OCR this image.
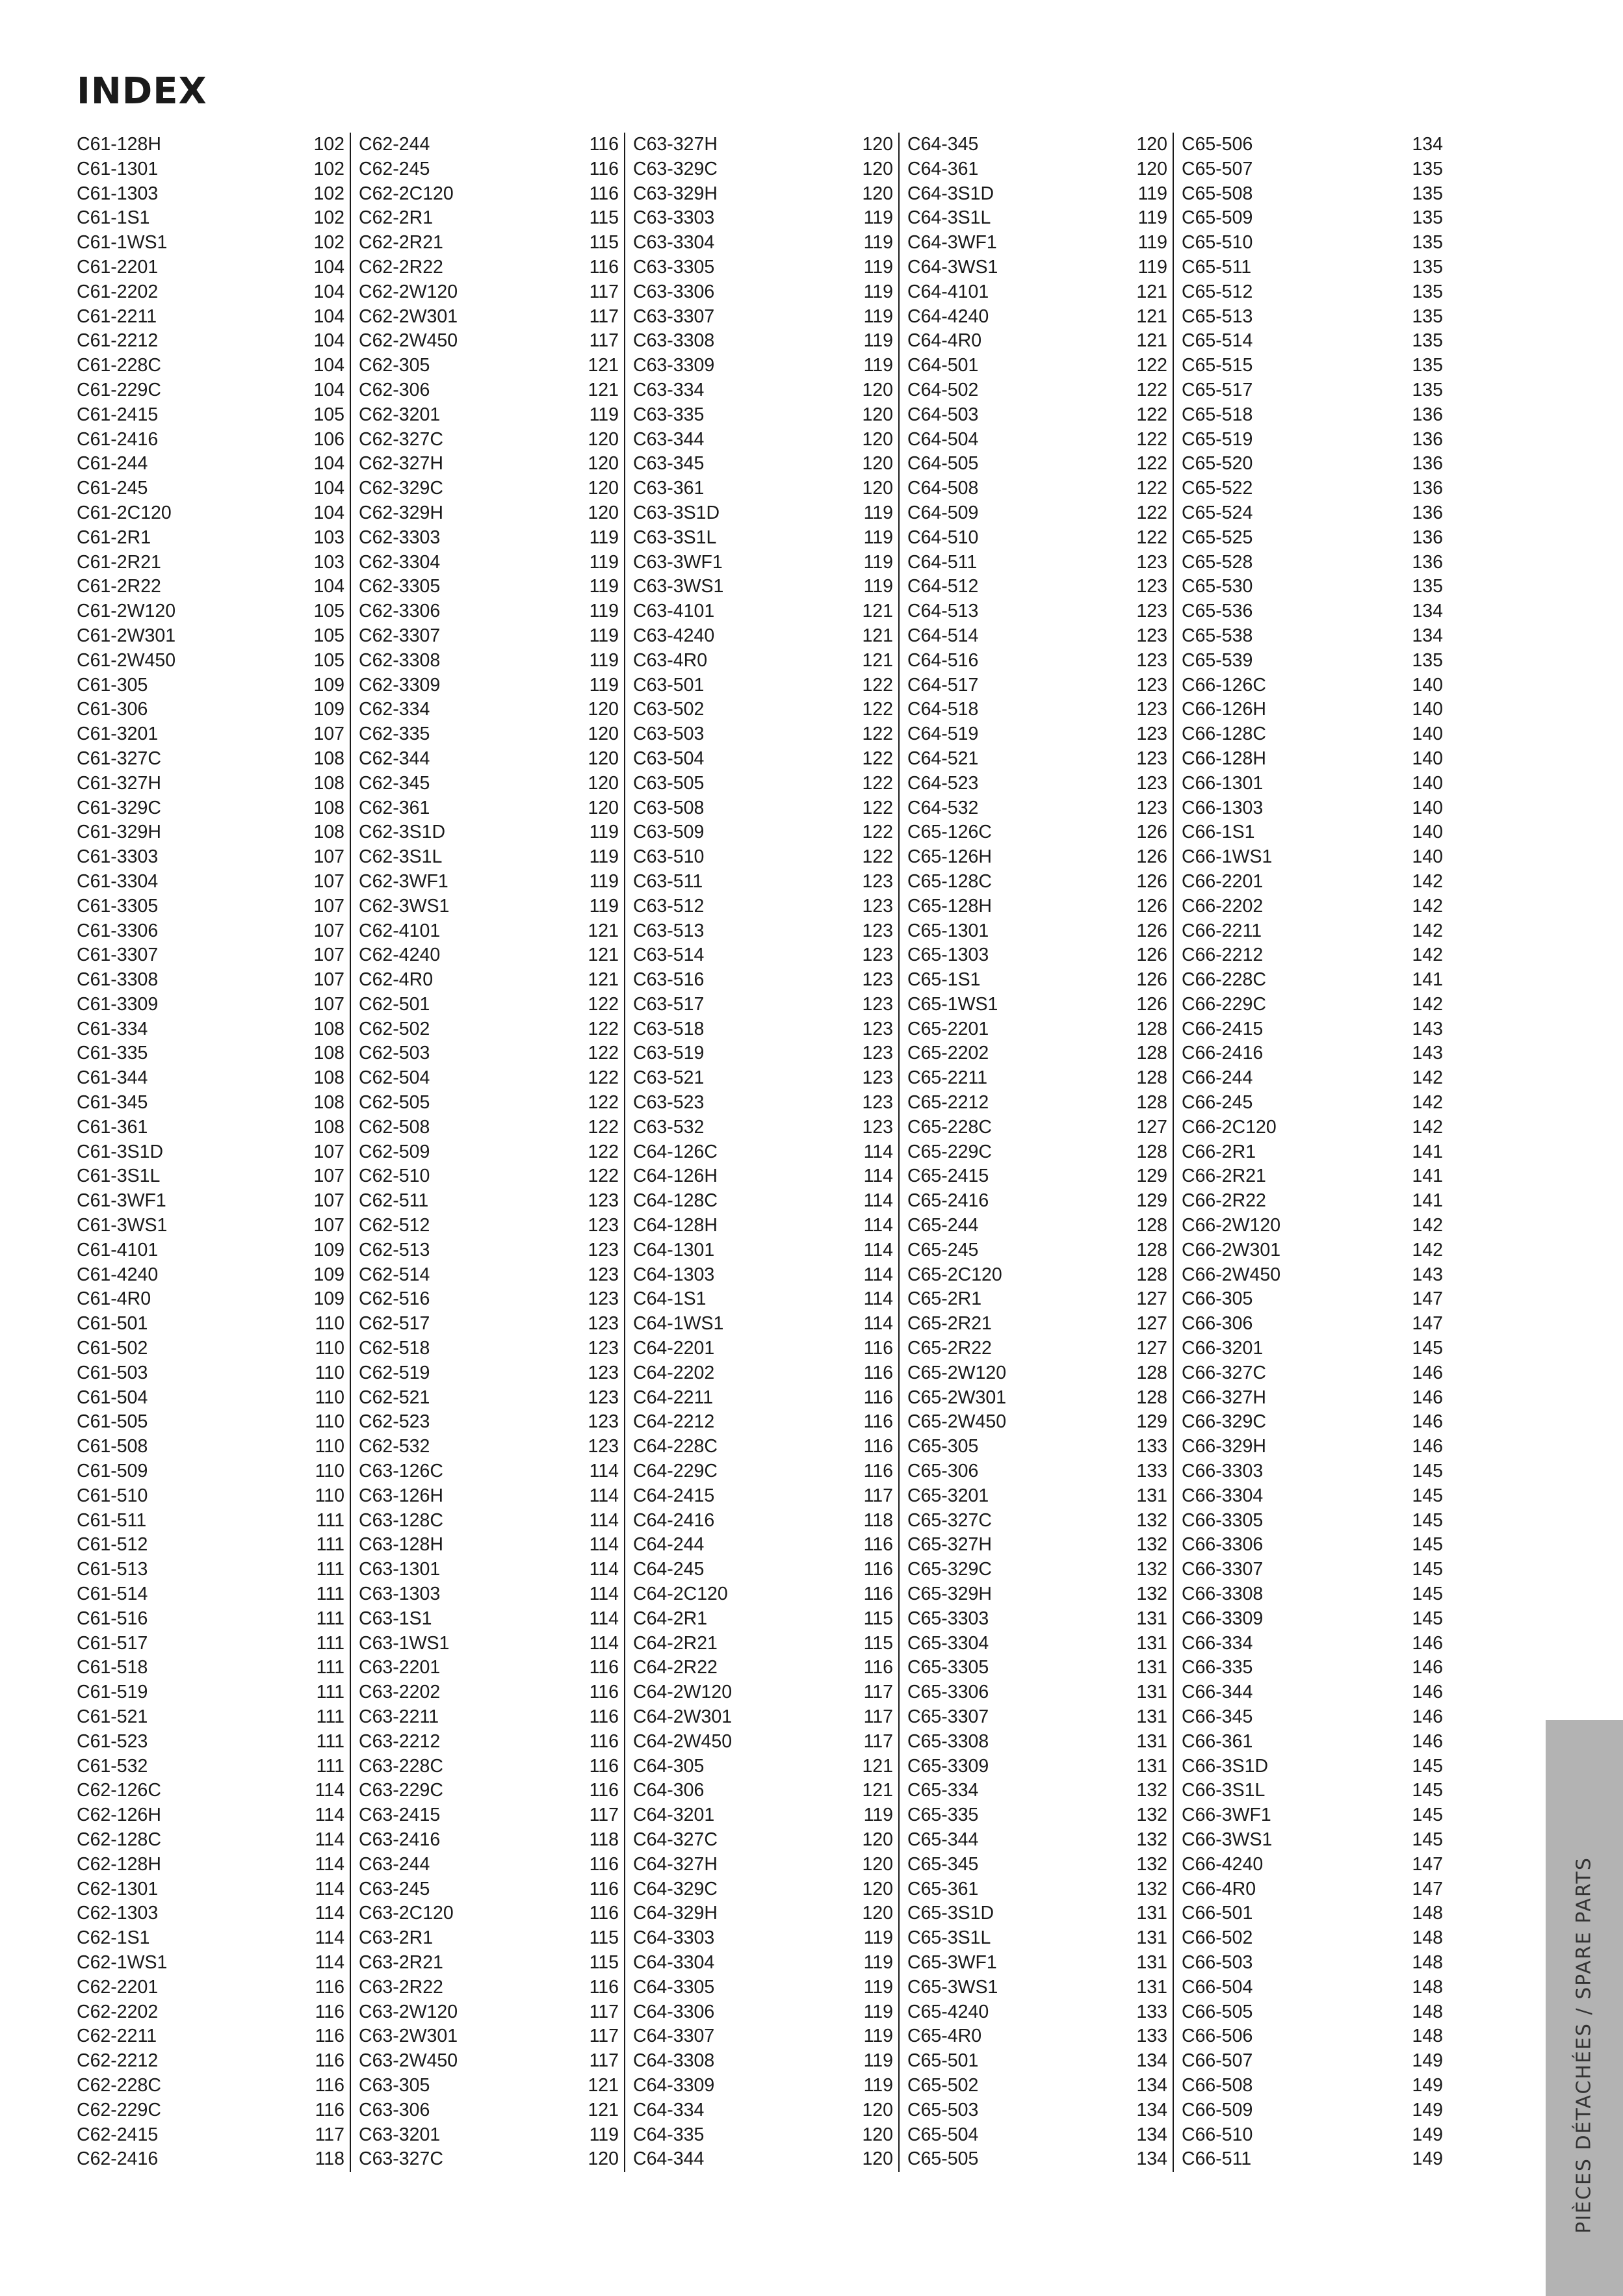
INDEX
C61-128H	102
C61-1301	102
C61-1303	102
C61-1S1	102
C61-1WS1	102
C61-2201	104
C61-2202	104
C61-2211	104
C61-2212	104
C61-228C	104
C61-229C	104
C61-2415	105
C61-2416	106
C61-244	104
C61-245	104
C61-2C120	104
C61-2R1	103
C61-2R21	103
C61-2R22	104
C61-2W120	105
C61-2W301	105
C61-2W450	105
C61-305	109
C61-306	109
C61-3201	107
C61-327C	108
C61-327H	108
C61-329C	108
C61-329H	108
C61-3303	107
C61-3304	107
C61-3305	107
C61-3306	107
C61-3307	107
C61-3308	107
C61-3309	107
C61-334	108
C61-335	108
C61-344	108
C61-345	108
C61-361	108
C61-3S1D	107
C61-3S1L	107
C61-3WF1	107
C61-3WS1	107
C61-4101	109
C61-4240	109
C61-4R0	109
C61-501	110
C61-502	110
C61-503	110
C61-504	110
C61-505	110
C61-508	110
C61-509	110
C61-510	110
C61-511	111
C61-512	111
C61-513	111
C61-514	111
C61-516	111
C61-517	111
C61-518	111
C61-519	111
C61-521	111
C61-523	111
C61-532	111
C62-126C	114
C62-126H	114
C62-128C	114
C62-128H	114
C62-1301	114
C62-1303	114
C62-1S1	114
C62-1WS1	114
C62-2201	116
C62-2202	116
C62-2211	116
C62-2212	116
C62-228C	116
C62-229C	116
C62-2415	117
C62-2416	118
C62-244	116
C62-245	116
C62-2C120	116
C62-2R1	115
C62-2R21	115
C62-2R22	116
C62-2W120	117
C62-2W301	117
C62-2W450	117
C62-305	121
C62-306	121
C62-3201	119
C62-327C	120
C62-327H	120
C62-329C	120
C62-329H	120
C62-3303	119
C62-3304	119
C62-3305	119
C62-3306	119
C62-3307	119
C62-3308	119
C62-3309	119
C62-334	120
C62-335	120
C62-344	120
C62-345	120
C62-361	120
C62-3S1D	119
C62-3S1L	119
C62-3WF1	119
C62-3WS1	119
C62-4101	121
C62-4240	121
C62-4R0	121
C62-501	122
C62-502	122
C62-503	122
C62-504	122
C62-505	122
C62-508	122
C62-509	122
C62-510	122
C62-511	123
C62-512	123
C62-513	123
C62-514	123
C62-516	123
C62-517	123
C62-518	123
C62-519	123
C62-521	123
C62-523	123
C62-532	123
C63-126C	114
C63-126H	114
C63-128C	114
C63-128H	114
C63-1301	114
C63-1303	114
C63-1S1	114
C63-1WS1	114
C63-2201	116
C63-2202	116
C63-2211	116
C63-2212	116
C63-228C	116
C63-229C	116
C63-2415	117
C63-2416	118
C63-244	116
C63-245	116
C63-2C120	116
C63-2R1	115
C63-2R21	115
C63-2R22	116
C63-2W120	117
C63-2W301	117
C63-2W450	117
C63-305	121
C63-306	121
C63-3201	119
C63-327C	120
C63-327H	120
C63-329C	120
C63-329H	120
C63-3303	119
C63-3304	119
C63-3305	119
C63-3306	119
C63-3307	119
C63-3308	119
C63-3309	119
C63-334	120
C63-335	120
C63-344	120
C63-345	120
C63-361	120
C63-3S1D	119
C63-3S1L	119
C63-3WF1	119
C63-3WS1	119
C63-4101	121
C63-4240	121
C63-4R0	121
C63-501	122
C63-502	122
C63-503	122
C63-504	122
C63-505	122
C63-508	122
C63-509	122
C63-510	122
C63-511	123
C63-512	123
C63-513	123
C63-514	123
C63-516	123
C63-517	123
C63-518	123
C63-519	123
C63-521	123
C63-523	123
C63-532	123
C64-126C	114
C64-126H	114
C64-128C	114
C64-128H	114
C64-1301	114
C64-1303	114
C64-1S1	114
C64-1WS1	114
C64-2201	116
C64-2202	116
C64-2211	116
C64-2212	116
C64-228C	116
C64-229C	116
C64-2415	117
C64-2416	118
C64-244	116
C64-245	116
C64-2C120	116
C64-2R1	115
C64-2R21	115
C64-2R22	116
C64-2W120	117
C64-2W301	117
C64-2W450	117
C64-305	121
C64-306	121
C64-3201	119
C64-327C	120
C64-327H	120
C64-329C	120
C64-329H	120
C64-3303	119
C64-3304	119
C64-3305	119
C64-3306	119
C64-3307	119
C64-3308	119
C64-3309	119
C64-334	120
C64-335	120
C64-344	120
C64-345	120
C64-361	120
C64-3S1D	119
C64-3S1L	119
C64-3WF1	119
C64-3WS1	119
C64-4101	121
C64-4240	121
C64-4R0	121
C64-501	122
C64-502	122
C64-503	122
C64-504	122
C64-505	122
C64-508	122
C64-509	122
C64-510	122
C64-511	123
C64-512	123
C64-513	123
C64-514	123
C64-516	123
C64-517	123
C64-518	123
C64-519	123
C64-521	123
C64-523	123
C64-532	123
C65-126C	126
C65-126H	126
C65-128C	126
C65-128H	126
C65-1301	126
C65-1303	126
C65-1S1	126
C65-1WS1	126
C65-2201	128
C65-2202	128
C65-2211	128
C65-2212	128
C65-228C	127
C65-229C	128
C65-2415	129
C65-2416	129
C65-244	128
C65-245	128
C65-2C120	128
C65-2R1	127
C65-2R21	127
C65-2R22	127
C65-2W120	128
C65-2W301	128
C65-2W450	129
C65-305	133
C65-306	133
C65-3201	131
C65-327C	132
C65-327H	132
C65-329C	132
C65-329H	132
C65-3303	131
C65-3304	131
C65-3305	131
C65-3306	131
C65-3307	131
C65-3308	131
C65-3309	131
C65-334	132
C65-335	132
C65-344	132
C65-345	132
C65-361	132
C65-3S1D	131
C65-3S1L	131
C65-3WF1	131
C65-3WS1	131
C65-4240	133
C65-4R0	133
C65-501	134
C65-502	134
C65-503	134
C65-504	134
C65-505	134
C65-506	134
C65-507	135
C65-508	135
C65-509	135
C65-510	135
C65-511	135
C65-512	135
C65-513	135
C65-514	135
C65-515	135
C65-517	135
C65-518	136
C65-519	136
C65-520	136
C65-522	136
C65-524	136
C65-525	136
C65-528	136
C65-530	135
C65-536	134
C65-538	134
C65-539	135
C66-126C	140
C66-126H	140
C66-128C	140
C66-128H	140
C66-1301	140
C66-1303	140
C66-1S1	140
C66-1WS1	140
C66-2201	142
C66-2202	142
C66-2211	142
C66-2212	142
C66-228C	141
C66-229C	142
C66-2415	143
C66-2416	143
C66-244	142
C66-245	142
C66-2C120	142
C66-2R1	141
C66-2R21	141
C66-2R22	141
C66-2W120	142
C66-2W301	142
C66-2W450	143
C66-305	147
C66-306	147
C66-3201	145
C66-327C	146
C66-327H	146
C66-329C	146
C66-329H	146
C66-3303	145
C66-3304	145
C66-3305	145
C66-3306	145
C66-3307	145
C66-3308	145
C66-3309	145
C66-334	146
C66-335	146
C66-344	146
C66-345	146
C66-361	146
C66-3S1D	145
C66-3S1L	145
C66-3WF1	145
C66-3WS1	145
C66-4240	147
C66-4R0	147
C66-501	148
C66-502	148
C66-503	148
C66-504	148
C66-505	148
C66-506	148
C66-507	149
C66-508	149
C66-509	149
C66-510	149
C66-511	149	PIÈCES DÉTACHÉES / SPARE PARTS
